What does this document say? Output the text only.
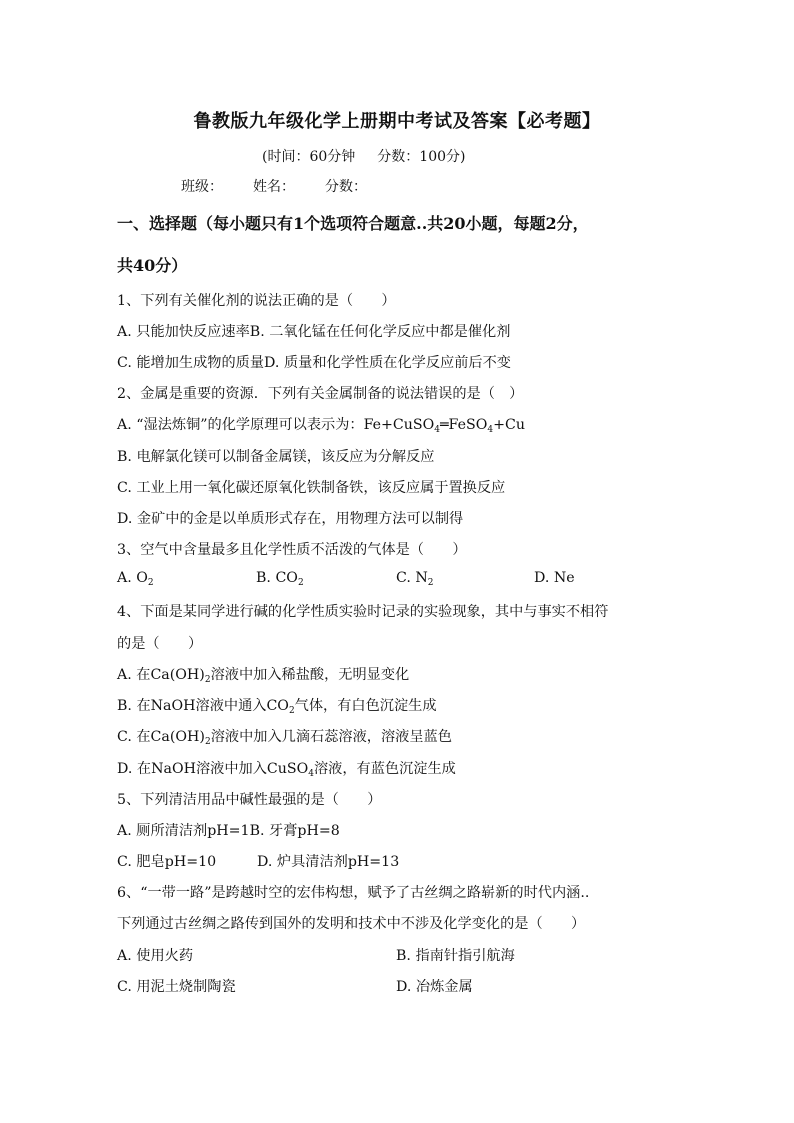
鲁教版九年级化学上册期中考试及答案【必考题】
(时间：60分钟 分数：100分)
班级： 姓名： 分数：
一、选择题（每小题只有1个选项符合题意..共20小题，每题2分，
共40分）
1、下列有关催化剂的说法正确的是（　　）
A. 只能加快反应速率B. 二氧化锰在任何化学反应中都是催化剂
C. 能增加生成物的质量D. 质量和化学性质在化学反应前后不变
2、金属是重要的资源．下列有关金属制备的说法错误的是（　）
A. “湿法炼铜”的化学原理可以表示为：Fe+CuSO$_4$═FeSO$_4$+Cu
B. 电解氯化镁可以制备金属镁，该反应为分解反应
C. 工业上用一氧化碳还原氧化铁制备铁，该反应属于置换反应
D. 金矿中的金是以单质形式存在，用物理方法可以制得
3、空气中含量最多且化学性质不活泼的气体是（　　）
A. $O_2$	B. $CO_2$	C. $N_2$	D. Ne
4、下面是某同学进行碱的化学性质实验时记录的实验现象，其中与事实不相符
的是（　　）
A. 在$Ca(OH)_2$溶液中加入稀盐酸，无明显变化
B. 在NaOH溶液中通入$CO_2$气体，有白色沉淀生成
C. 在$Ca(OH)_2$溶液中加入几滴石蕊溶液，溶液呈蓝色
D. 在NaOH溶液中加入CuSO$_4$溶液，有蓝色沉淀生成
5、下列清洁用品中碱性最强的是（　　）
A. 厕所清洁剂pH=1B. 牙膏pH=8
C. 肥皂pH=10	D. 炉具清洁剂pH=13
6、“一带一路”是跨越时空的宏伟构想，赋予了古丝绸之路崭新的时代内涵..
下列通过古丝绸之路传到国外的发明和技术中不涉及化学变化的是（　　）
A. 使用火药	B. 指南针指引航海
C. 用泥土烧制陶瓷	D. 冶炼金属
